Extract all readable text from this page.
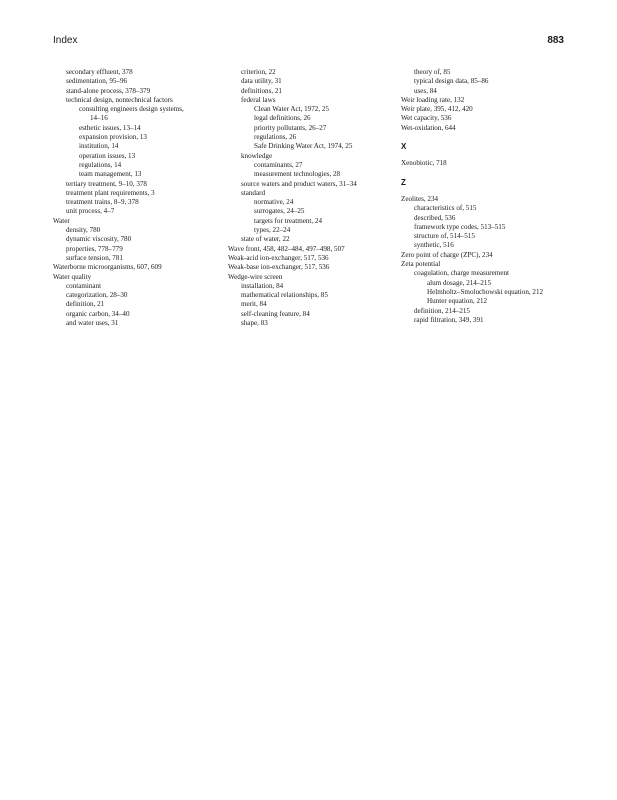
Index	883
secondary effluent, 378
sedimentation, 95–96
stand-alone process, 378–379
technical design, nontechnical factors
consulting engineers design systems,
14–16
esthetic issues, 13–14
expansion provision, 13
institution, 14
operation issues, 13
regulations, 14
team management, 13
tertiary treatment, 9–10, 378
treatment plant requirements, 3
treatment trains, 8–9, 378
unit process, 4–7
Water
density, 780
dynamic viscosity, 780
properties, 778–779
surface tension, 781
Waterborne microorganisms, 607, 609
Water quality
contaminant
categorization, 28–30
definition, 21
organic carbon, 34–40
and water uses, 31
criterion, 22
data utility, 31
definitions, 21
federal laws
Clean Water Act, 1972, 25
legal definitions, 26
priority pollutants, 26–27
regulations, 26
Safe Drinking Water Act, 1974, 25
knowledge
contaminants, 27
measurement technologies, 28
source waters and product waters, 31–34
standard
normative, 24
surrogates, 24–25
targets for treatment, 24
types, 22–24
state of water, 22
Wave front, 458, 482–484, 497–498, 507
Weak-acid ion-exchanger, 517, 536
Weak-base ion-exchanger, 517, 536
Wedge-wire screen
installation, 84
mathematical relationships, 85
merit, 84
self-cleaning feature, 84
shape, 83
theory of, 85
typical design data, 85–86
uses, 84
Weir loading rate, 132
Weir plate, 395, 412, 420
Wet capacity, 536
Wet-oxidation, 644
X
Xenobiotic, 718
Z
Zeolites, 234
characteristics of, 515
described, 536
framework type codes, 513–515
structure of, 514–515
synthetic, 516
Zero point of charge (ZPC), 234
Zeta potential
coagulation, charge measurement
alum dosage, 214–215
Helmholtz–Smoluchowski equation, 212
Hunter equation, 212
definition, 214–215
rapid filtration, 349, 391
